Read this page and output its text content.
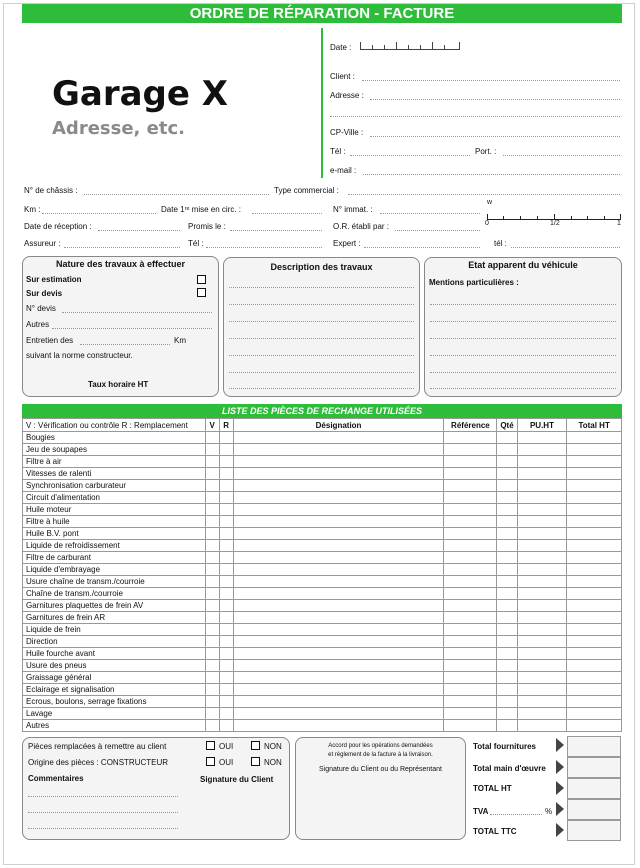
ORDRE DE RÉPARATION - FACTURE
Garage X
Adresse, etc.
Date :
Client :
Adresse :
CP-Ville :
Tél :	Port. :
e-mail :
N° de châssis :	Type commercial :
Km :	Date 1ʳᵉ mise en circ. :	N° immat. :
w
Date de réception :	Promis le :	O.R. établi par :	0	1/2	1
Assureur :	Tél :	Expert :	tél :
Nature des travaux à effectuer
Sur estimation
Sur devis
N° devis
Autres
Entretien des	Km
suivant la norme constructeur.
Taux horaire HT
Description des travaux	Etat apparent du véhicule
Mentions particulières :
LISTE DES PIÈCES DE RECHANGE UTILISÉES
V : Vérification ou contrôle R : Remplacement	V	R	Désignation	Référence	Qté	PU.HT	Total HT
Bougies							
Jeu de soupapes							
Filtre à air							
Vitesses de ralenti							
Synchronisation carburateur							
Circuit d'alimentation							
Huile moteur							
Filtre à huile							
Huile B.V. pont							
Liquide de refroidissement							
Filtre de carburant							
Liquide d'embrayage							
Usure chaîne de transm./courroie							
Chaîne de transm./courroie							
Garnitures plaquettes de frein AV							
Garnitures de frein AR							
Liquide de frein							
Direction							
Huile fourche avant							
Usure des pneus							
Graissage général							
Eclairage et signalisation							
Ecrous, boulons, serrage fixations							
Lavage							
Autres							
Pièces remplacées à remettre au client	OUI	NON
Origine des pièces : CONSTRUCTEUR	OUI	NON
Commentaires	Signature du Client
Accord pour les opérations demandées
et règlement de la facture à la livraison.
Signature du Client ou du Représentant
Total fournitures
Total main d'œuvre
TOTAL HT
TVA	%
TOTAL TTC
